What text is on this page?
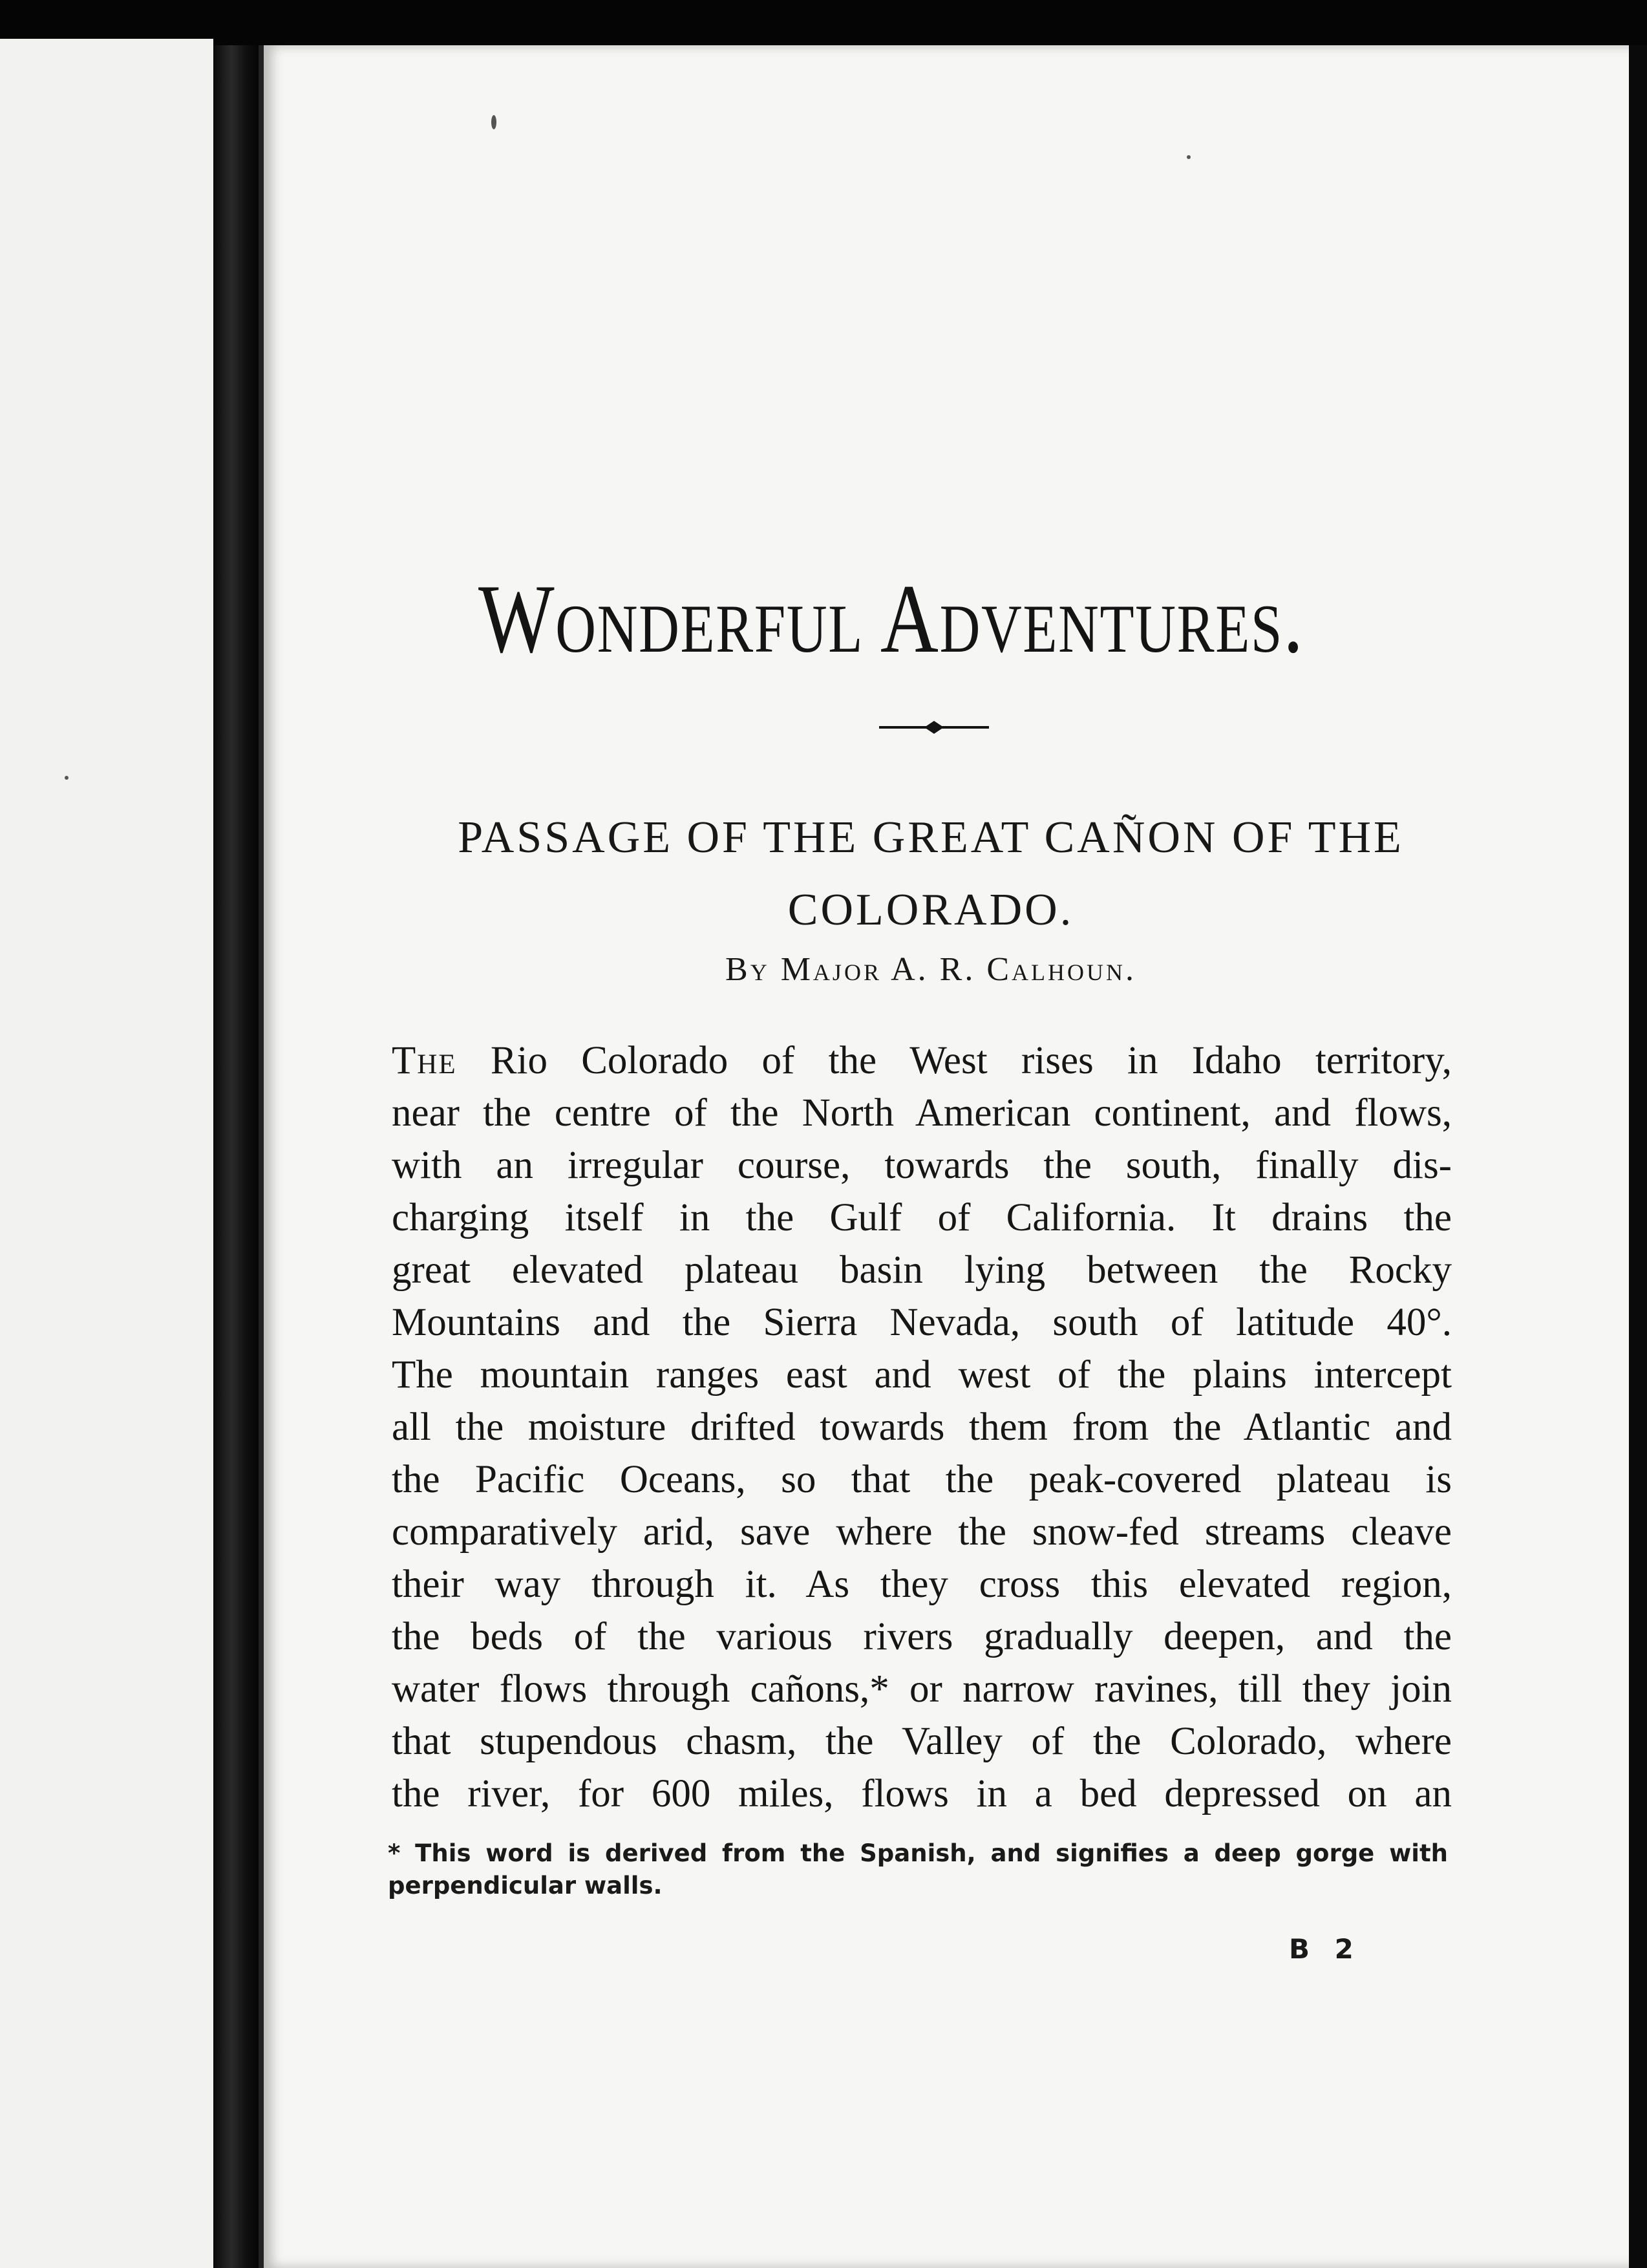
Wonderful Adventures.
PASSAGE OF THE GREAT CAÑON OF THE
COLORADO.
By Major A. R. Calhoun.
The Rio Colorado of the West rises in Idaho territory,
near the centre of the North American continent, and flows,
with an irregular course, towards the south, finally dis-
charging itself in the Gulf of California. It drains the
great elevated plateau basin lying between the Rocky
Mountains and the Sierra Nevada, south of latitude 40°.
The mountain ranges east and west of the plains intercept
all the moisture drifted towards them from the Atlantic and
the Pacific Oceans, so that the peak-covered plateau is
comparatively arid, save where the snow-fed streams cleave
their way through it. As they cross this elevated region,
the beds of the various rivers gradually deepen, and the
water flows through cañons,* or narrow ravines, till they join
that stupendous chasm, the Valley of the Colorado, where
the river, for 600 miles, flows in a bed depressed on an
* This word is derived from the Spanish, and signifies a deep gorge with
perpendicular walls.
B 2
